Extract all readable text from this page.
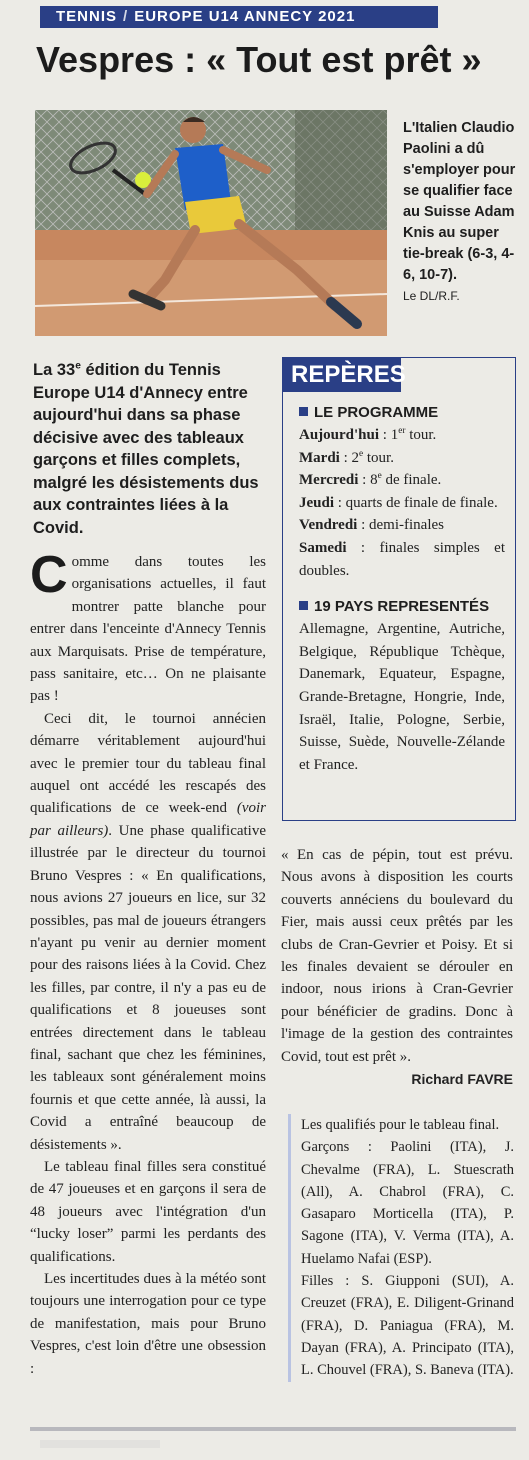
TENNIS / EUROPE U14 ANNECY 2021
Vespres : « Tout est prêt »
L'Italien Claudio Paolini a dû s'employer pour se qualifier face au Suisse Adam Knis au super tie-break (6-3, 4-6, 10-7).
Le DL/R.F.
La 33e édition du Tennis Europe U14 d'Annecy entre aujourd'hui dans sa phase décisive avec des tableaux garçons et filles complets, malgré les désistements dus aux contraintes liées à la Covid.

Comme dans toutes les organisations actuelles, il faut montrer patte blanche pour entrer dans l'enceinte d'Annecy Tennis aux Marquisats. Prise de température, pass sanitaire, etc… On ne plaisante pas !

Ceci dit, le tournoi annécien démarre véritablement aujourd'hui avec le premier tour du tableau final auquel ont accédé les rescapés des qualifications de ce week-end (voir par ailleurs). Une phase qualificative illustrée par le directeur du tournoi Bruno Vespres : « En qualifications, nous avions 27 joueurs en lice, sur 32 possibles, pas mal de joueurs étrangers n'ayant pu venir au dernier moment pour des raisons liées à la Covid. Chez les filles, par contre, il n'y a pas eu de qualifications et 8 joueuses sont entrées directement dans le tableau final, sachant que chez les féminines, les tableaux sont généralement moins fournis et que cette année, là aussi, la Covid a entraîné beaucoup de désistements ».

Le tableau final filles sera constitué de 47 joueuses et en garçons il sera de 48 joueurs avec l'intégration d'un “lucky loser” parmi les perdants des qualifications.

Les incertitudes dues à la météo sont toujours une interrogation pour ce type de manifestation, mais pour Bruno Vespres, c'est loin d'être une obsession :

REPÈRES
LE PROGRAMME
Aujourd'hui : 1er tour.
Mardi : 2e tour.
Mercredi : 8e de finale.
Jeudi : quarts de finale de finale.
Vendredi : demi-finales
Samedi : finales simples et doubles.
19 PAYS REPRESENTÉS
Allemagne, Argentine, Autriche, Belgique, République Tchèque, Danemark, Equateur, Espagne, Grande-Bretagne, Hongrie, Inde, Israël, Italie, Pologne, Serbie, Suisse, Suède, Nouvelle-Zélande et France.

« En cas de pépin, tout est prévu. Nous avons à disposition les courts couverts annéciens du boulevard du Fier, mais aussi ceux prêtés par les clubs de Cran-Gevrier et Poisy. Et si les finales devaient se dérouler en indoor, nous irions à Cran-Gevrier pour bénéficier de gradins. Donc à l'image de la gestion des contraintes Covid, tout est prêt ».

Richard FAVRE

Les qualifiés pour le tableau final.

Garçons : Paolini (ITA), J. Chevalme (FRA), L. Stuescrath (All), A. Chabrol (FRA), C. Gasaparo Morticella (ITA), P. Sagone (ITA), V. Verma (ITA), A. Huelamo Nafai (ESP).

Filles : S. Giupponi (SUI), A. Creuzet (FRA), E. Diligent-Grinand (FRA), D. Paniagua (FRA), M. Dayan (FRA), A. Principato (ITA), L. Chouvel (FRA), S. Baneva (ITA).
